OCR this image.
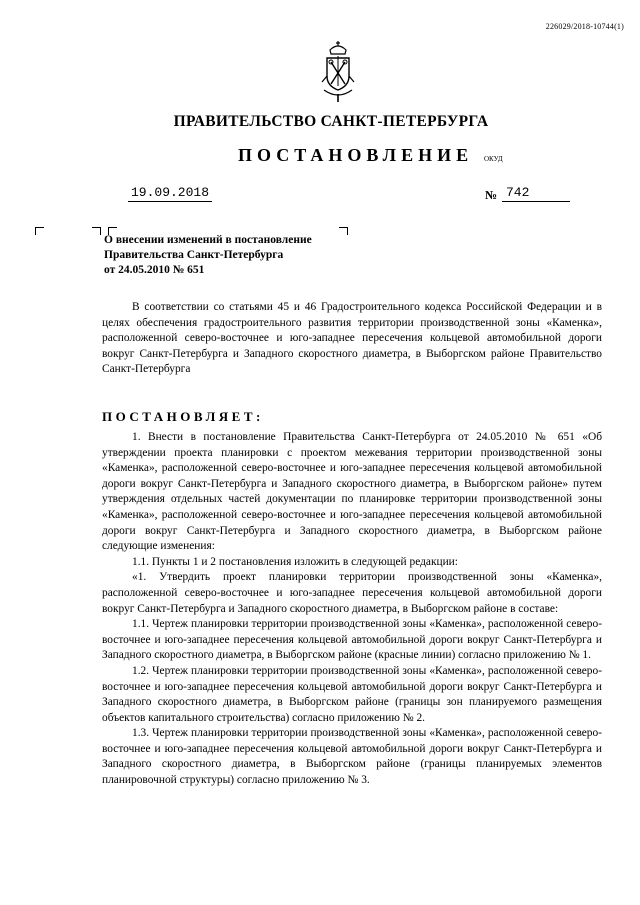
226029/2018-10744(1)
ПРАВИТЕЛЬСТВО САНКТ-ПЕТЕРБУРГА
ПОСТАНОВЛЕНИЕ ОКУД
19.09.2018	№ 742
О внесении изменений в постановление
Правительства Санкт-Петербурга
от 24.05.2010 № 651

В соответствии со статьями 45 и 46 Градостроительного кодекса Российской Федерации и в целях обеспечения градостроительного развития территории производственной зоны «Каменка», расположенной северо-восточнее и юго-западнее пересечения кольцевой автомобильной дороги вокруг Санкт-Петербурга и Западного скоростного диаметра, в Выборгском районе Правительство Санкт-Петербурга

ПОСТАНОВЛЯЕТ:

1. Внести в постановление Правительства Санкт-Петербурга от 24.05.2010 № 651 «Об утверждении проекта планировки с проектом межевания территории производственной зоны «Каменка», расположенной северо-восточнее и юго-западнее пересечения кольцевой автомобильной дороги вокруг Санкт-Петербурга и Западного скоростного диаметра, в Выборгском районе» путем утверждения отдельных частей документации по планировке территории производственной зоны «Каменка», расположенной северо-восточнее и юго-западнее пересечения кольцевой автомобильной дороги вокруг Санкт-Петербурга и Западного скоростного диаметра, в Выборгском районе следующие изменения:

1.1. Пункты 1 и 2 постановления изложить в следующей редакции:

«1. Утвердить проект планировки территории производственной зоны «Каменка», расположенной северо-восточнее и юго-западнее пересечения кольцевой автомобильной дороги вокруг Санкт-Петербурга и Западного скоростного диаметра, в Выборгском районе в составе:

1.1. Чертеж планировки территории производственной зоны «Каменка», расположенной северо-восточнее и юго-западнее пересечения кольцевой автомобильной дороги вокруг Санкт-Петербурга и Западного скоростного диаметра, в Выборгском районе (красные линии) согласно приложению № 1.

1.2. Чертеж планировки территории производственной зоны «Каменка», расположенной северо-восточнее и юго-западнее пересечения кольцевой автомобильной дороги вокруг Санкт-Петербурга и Западного скоростного диаметра, в Выборгском районе (границы зон планируемого размещения объектов капитального строительства) согласно приложению № 2.

1.3. Чертеж планировки территории производственной зоны «Каменка», расположенной северо-восточнее и юго-западнее пересечения кольцевой автомобильной дороги вокруг Санкт-Петербурга и Западного скоростного диаметра, в Выборгском районе (границы планируемых элементов планировочной структуры) согласно приложению № 3.
